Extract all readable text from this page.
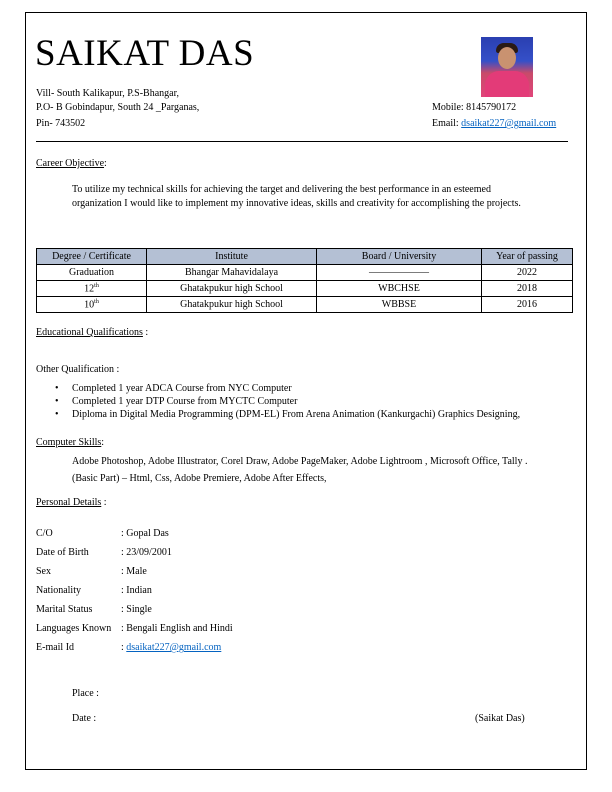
SAIKAT DAS
Vill- South Kalikapur, P.S-Bhangar,
P.O- B Gobindapur, South 24 _Parganas,
Pin- 743502
Mobile: 8145790172
Email: dsaikat227@gmail.com
Career Objective:
To utilize my technical skills for achieving the target and delivering the best performance in an esteemed
organization I would like to implement my innovative ideas, skills and creativity for accomplishing the projects.
Degree / Certificate	Institute	Board / University	Year of passing
Graduation	Bhangar Mahavidalaya	——————	2022
12th	Ghatakpukur high School	WBCHSE	2018
10th	Ghatakpukur high School	WBBSE	2016
Educational Qualifications :
Other Qualification :
• Completed 1 year ADCA Course from NYC Computer
• Completed 1 year DTP Course from MYCTC Computer
• Diploma in Digital Media Programming (DPM-EL) From Arena Animation (Kankurgachi) Graphics Designing,
Computer Skills:
Adobe Photoshop, Adobe Illustrator, Corel Draw, Adobe PageMaker, Adobe Lightroom , Microsoft Office, Tally .
(Basic Part) – Html, Css, Adobe Premiere, Adobe After Effects,
Personal Details :
C/O	: Gopal Das
Date of Birth	: 23/09/2001
Sex	: Male
Nationality	: Indian
Marital Status	: Single
Languages Known : Bengali English and Hindi
E-mail Id	: dsaikat227@gmail.com
Place :
Date :	(Saikat Das)
